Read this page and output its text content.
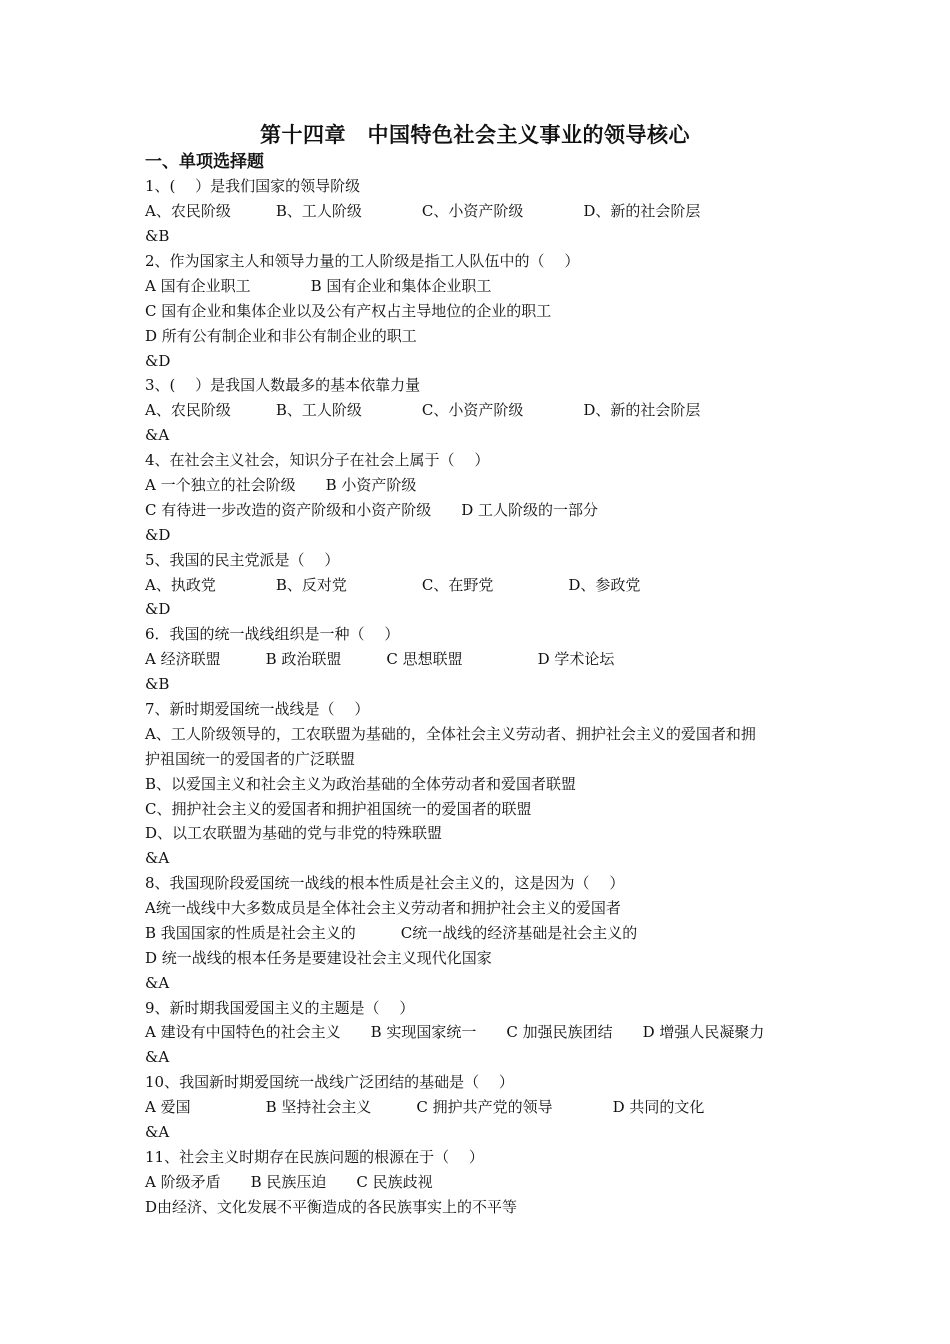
第十四章　中国特色社会主义事业的领导核心
一、单项选择题
1、(　 ）是我们国家的领导阶级
A、农民阶级　　　B、工人阶级　　　　C、小资产阶级　　　　D、新的社会阶层
&B
2、作为国家主人和领导力量的工人阶级是指工人队伍中的（　 ）
A 国有企业职工　　　　B 国有企业和集体企业职工
C 国有企业和集体企业以及公有产权占主导地位的企业的职工
D 所有公有制企业和非公有制企业的职工
&D
3、(　 ）是我国人数最多的基本依靠力量
A、农民阶级　　　B、工人阶级　　　　C、小资产阶级　　　　D、新的社会阶层
&A
4、在社会主义社会，知识分子在社会上属于（　 ）
A 一个独立的社会阶级　　B 小资产阶级
C 有待进一步改造的资产阶级和小资产阶级　　D 工人阶级的一部分
&D
5、我国的民主党派是（　 ）
A、执政党　　　　B、反对党　　　　　C、在野党　　　　　D、参政党
&D
6．我国的统一战线组织是一种（　 ）
A 经济联盟　　　B 政治联盟　　　C 思想联盟　　　　　D 学术论坛
&B
7、新时期爱国统一战线是（　 ）
A、工人阶级领导的，工农联盟为基础的，全体社会主义劳动者、拥护社会主义的爱国者和拥
护祖国统一的爱国者的广泛联盟
B、以爱国主义和社会主义为政治基础的全体劳动者和爱国者联盟
C、拥护社会主义的爱国者和拥护祖国统一的爱国者的联盟
D、以工农联盟为基础的党与非党的特殊联盟
&A
8、我国现阶段爱国统一战线的根本性质是社会主义的，这是因为（　 ）
A统一战线中大多数成员是全体社会主义劳动者和拥护社会主义的爱国者
B 我国国家的性质是社会主义的　　　C统一战线的经济基础是社会主义的
D 统一战线的根本任务是要建设社会主义现代化国家
&A
9、新时期我国爱国主义的主题是（　 ）
A 建设有中国特色的社会主义　　B 实现国家统一　　C 加强民族团结　　D 增强人民凝聚力
&A
10、我国新时期爱国统一战线广泛团结的基础是（　 ）
A 爱国　　　　　B 坚持社会主义　　　C 拥护共产党的领导　　　　D 共同的文化
&A
11、社会主义时期存在民族问题的根源在于（　 ）
A 阶级矛盾　　B 民族压迫　　C 民族歧视
D由经济、文化发展不平衡造成的各民族事实上的不平等
